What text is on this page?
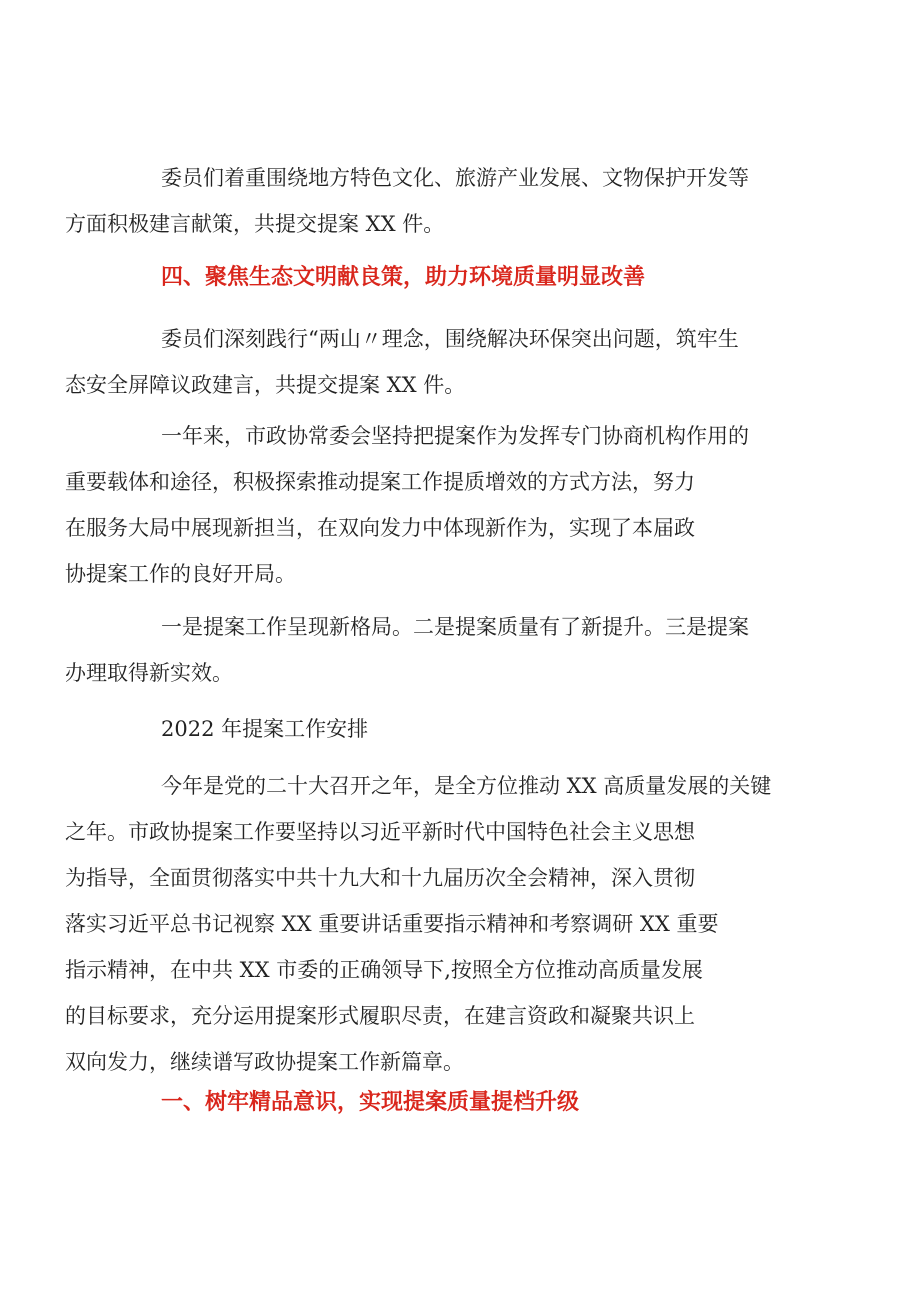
委员们着重围绕地方特色文化、旅游产业发展、文物保护开发等
方面积极建言献策，共提交提案 XX 件。

四、聚焦生态文明献良策，助力环境质量明显改善

委员们深刻践行“两山〃理念，围绕解决环保突出问题，筑牢生
态安全屏障议政建言，共提交提案 XX 件。

一年来，市政协常委会坚持把提案作为发挥专门协商机构作用的
重要载体和途径，积极探索推动提案工作提质增效的方式方法，努力
在服务大局中展现新担当，在双向发力中体现新作为，实现了本届政
协提案工作的良好开局。

一是提案工作呈现新格局。二是提案质量有了新提升。三是提案
办理取得新实效。

2022 年提案工作安排

今年是党的二十大召开之年，是全方位推动 XX 高质量发展的关键
之年。市政协提案工作要坚持以习近平新时代中国特色社会主义思想
为指导，全面贯彻落实中共十九大和十九届历次全会精神，深入贯彻
落实习近平总书记视察 XX 重要讲话重要指示精神和考察调研 XX 重要
指示精神，在中共 XX 市委的正确领导下,按照全方位推动高质量发展
的目标要求，充分运用提案形式履职尽责，在建言资政和凝聚共识上
双向发力，继续谱写政协提案工作新篇章。

一、树牢精品意识，实现提案质量提档升级
